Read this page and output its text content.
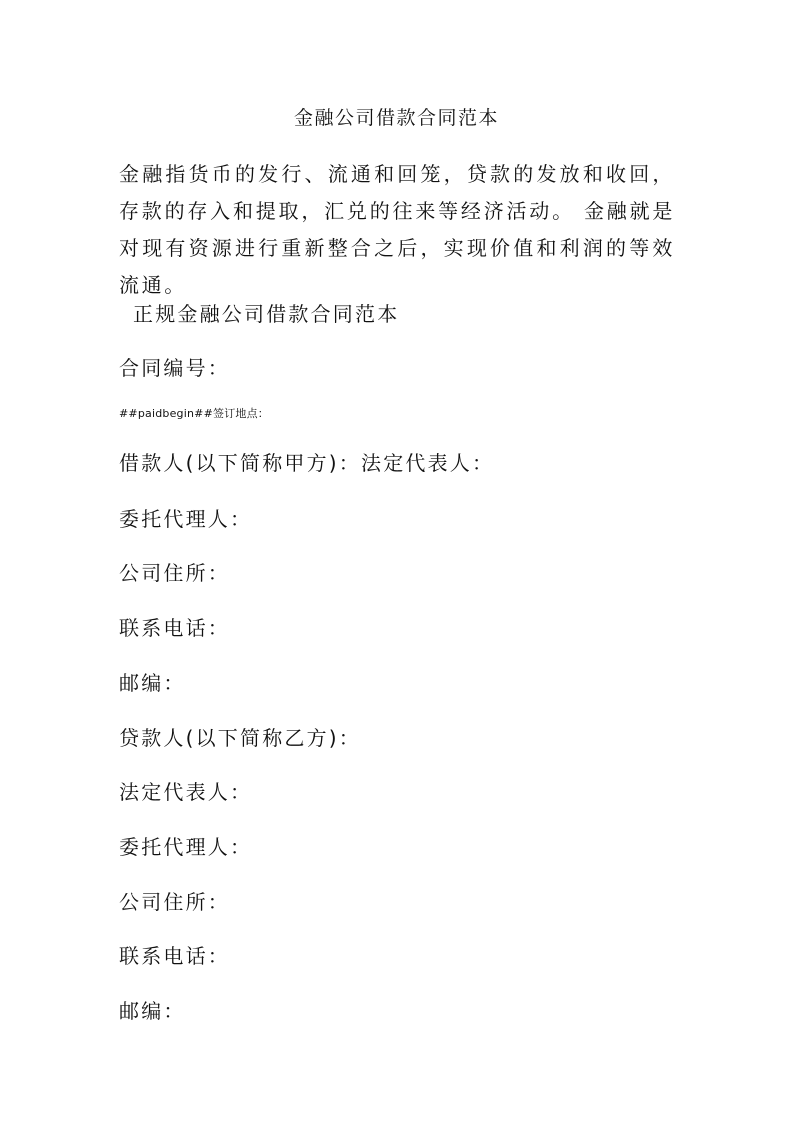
金融公司借款合同范本
金融指货币的发行、流通和回笼，贷款的发放和收回，存款的存入和提取，汇兑的往来等经济活动。 金融就是对现有资源进行重新整合之后，实现价值和利润的等效流通。
正规金融公司借款合同范本
合同编号：
##paidbegin##签订地点：
借款人(以下简称甲方)：法定代表人：
委托代理人：
公司住所：
联系电话：
邮编：
贷款人(以下简称乙方)：
法定代表人：
委托代理人：
公司住所：
联系电话：
邮编：
